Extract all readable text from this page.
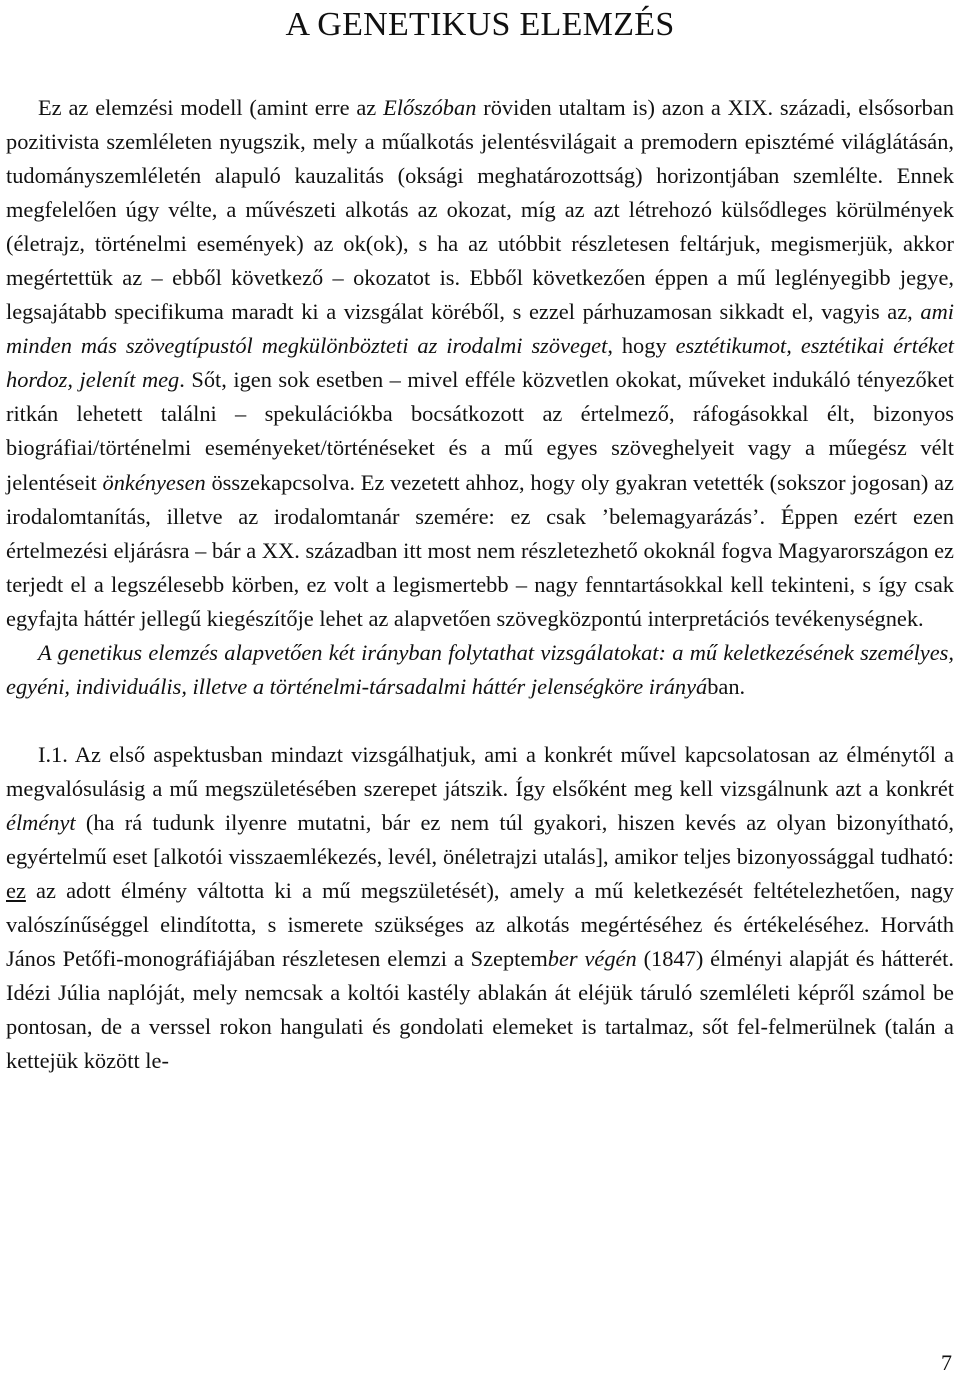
A GENETIKUS ELEMZÉS

Ez az elemzési modell (amint erre az Előszóban röviden utaltam is) azon a XIX. századi, elsősorban pozitivista szemléleten nyugszik, mely a műalkotás jelentésvilágait a premodern episztémé világlátásán, tudományszemléletén alapuló kauzalitás (oksági meghatározottság) horizontjában szemlélte. Ennek megfelelően úgy vélte, a művészeti alkotás az okozat, míg az azt létrehozó külsődleges körülmények (életrajz, történelmi események) az ok(ok), s ha az utóbbit részletesen feltárjuk, megismerjük, akkor megértettük az – ebből következő – okozatot is. Ebből következően éppen a mű leglényegibb jegye, legsajátabb specifikuma maradt ki a vizsgálat köréből, s ezzel párhuzamosan sikkadt el, vagyis az, ami minden más szövegtípustól megkülönbözteti az irodalmi szöveget, hogy esztétikumot, esztétikai értéket hordoz, jelenít meg. Sőt, igen sok esetben – mivel efféle közvetlen okokat, műveket indukáló tényezőket ritkán lehetett találni – spekulációkba bocsátkozott az értelmező, ráfogásokkal élt, bizonyos biográfiai/történelmi eseményeket/történéseket és a mű egyes szöveghelyeit vagy a műegész vélt jelentéseit önkényesen összekapcsolva. Ez vezetett ahhoz, hogy oly gyakran vetették (sokszor jogosan) az irodalomtanítás, illetve az irodalomtanár szemére: ez csak ’belemagyarázás’. Éppen ezért ezen értelmezési eljárásra – bár a XX. században itt most nem részletezhető okoknál fogva Magyarországon ez terjedt el a legszélesebb körben, ez volt a legismertebb – nagy fenntartásokkal kell tekinteni, s így csak egyfajta háttér jellegű kiegészítője lehet az alapvetően szövegközpontú interpretációs tevékenységnek.

A genetikus elemzés alapvetően két irányban folytathat vizsgálatokat: a mű keletkezésének személyes, egyéni, individuális, illetve a történelmi-társadalmi háttér jelenségköre irányában.

I.1. Az első aspektusban mindazt vizsgálhatjuk, ami a konkrét művel kapcsolatosan az élménytől a megvalósulásig a mű megszületésében szerepet játszik. Így elsőként meg kell vizsgálnunk azt a konkrét élményt (ha rá tudunk ilyenre mutatni, bár ez nem túl gyakori, hiszen kevés az olyan bizonyítható, egyértelmű eset [alkotói visszaemlékezés, levél, önéletrajzi utalás], amikor teljes bizonyossággal tudható: ez az adott élmény váltotta ki a mű megszületését), amely a mű keletkezését feltételezhetően, nagy valószínűséggel elindította, s ismerete szükséges az alkotás megértéséhez és értékeléséhez. Horváth János Petőfi-monográfiájában részletesen elemzi a Szeptember végén (1847) élményi alapját és hátterét. Idézi Júlia naplóját, mely nemcsak a koltói kastély ablakán át eléjük táruló szemléleti képről számol be pontosan, de a verssel rokon hangulati és gondolati elemeket is tartalmaz, sőt fel-felmerülnek (talán a kettejük között le-

7
